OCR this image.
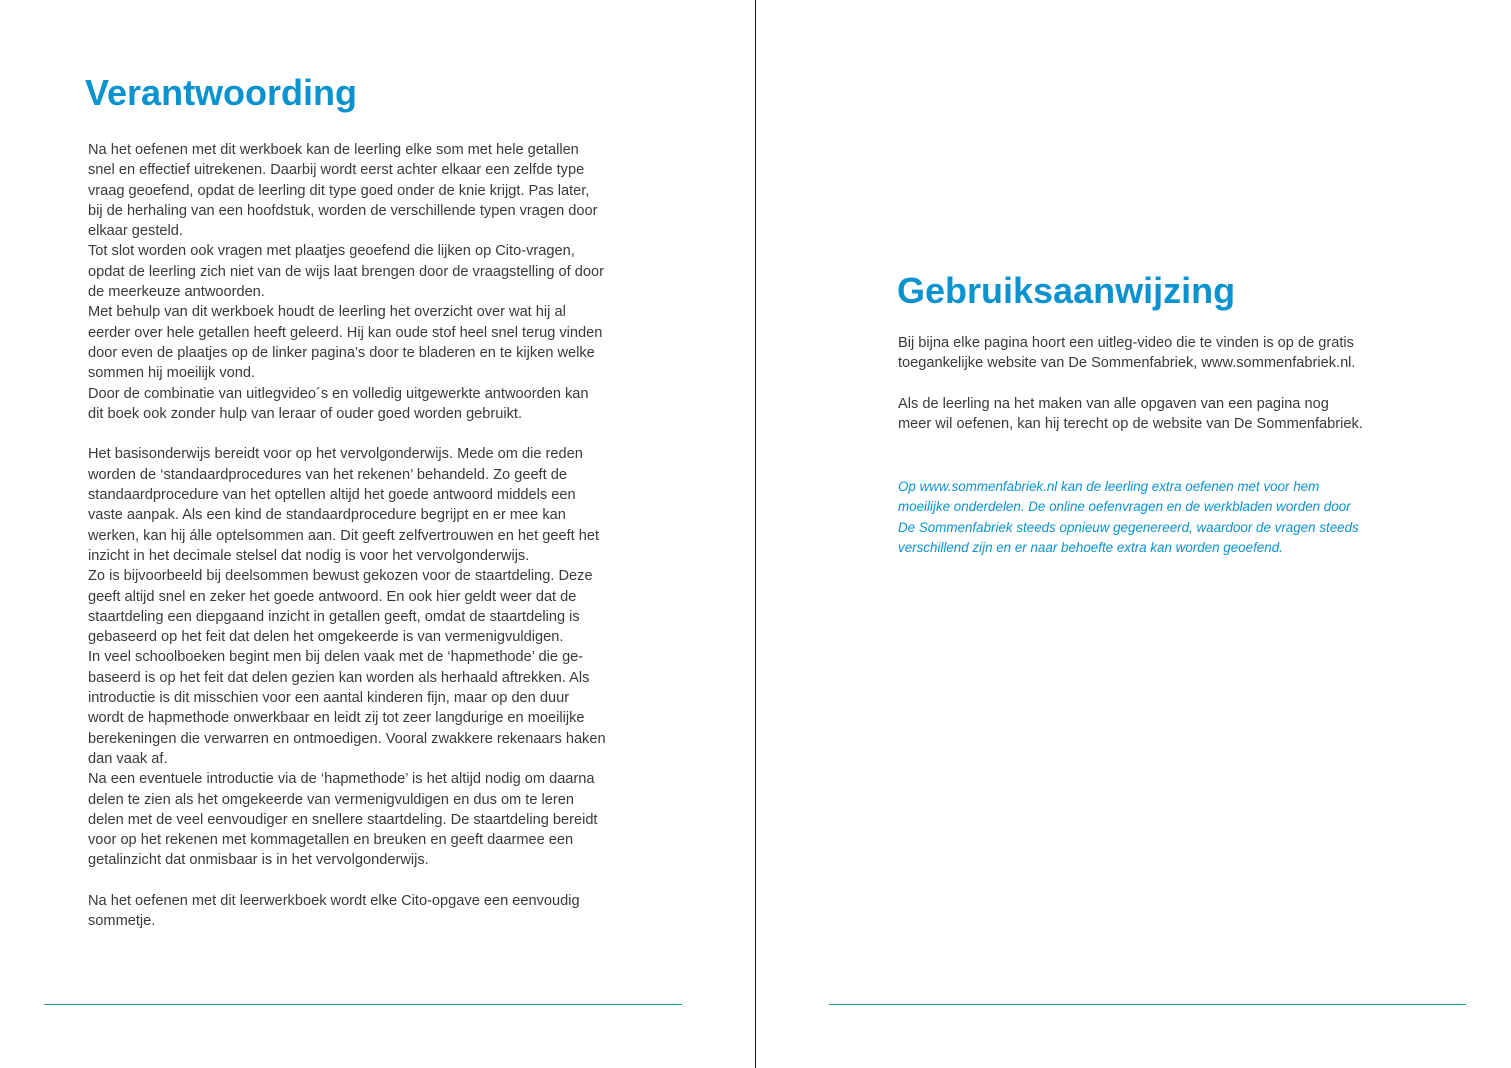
Verantwoording
Na het oefenen met dit werkboek kan de leerling elke som met hele getallen
snel en effectief uitrekenen. Daarbij wordt eerst achter elkaar een zelfde type
vraag geoefend, opdat de leerling dit type goed onder de knie krijgt. Pas later,
bij de herhaling van een hoofdstuk, worden de verschillende typen vragen door
elkaar gesteld.
Tot slot worden ook vragen met plaatjes geoefend die lijken op Cito-vragen,
opdat de leerling zich niet van de wijs laat brengen door de vraagstelling of door
de meerkeuze antwoorden.
Met behulp van dit werkboek houdt de leerling het overzicht over wat hij al
eerder over hele getallen heeft geleerd. Hij kan oude stof heel snel terug vinden
door even de plaatjes op de linker pagina’s door te bladeren en te kijken welke
sommen hij moeilijk vond.
Door de combinatie van uitlegvideo´s en volledig uitgewerkte antwoorden kan
dit boek ook zonder hulp van leraar of ouder goed worden gebruikt.
Het basisonderwijs bereidt voor op het vervolgonderwijs. Mede om die reden
worden de ‘standaardprocedures van het rekenen’ behandeld. Zo geeft de
standaardprocedure van het optellen altijd het goede antwoord middels een
vaste aanpak. Als een kind de standaardprocedure begrijpt en er mee kan
werken, kan hij álle optelsommen aan. Dit geeft zelfvertrouwen en het geeft het
inzicht in het decimale stelsel dat nodig is voor het vervolgonderwijs.
Zo is bijvoorbeeld bij deelsommen bewust gekozen voor de staartdeling. Deze
geeft altijd snel en zeker het goede antwoord. En ook hier geldt weer dat de
staartdeling een diepgaand inzicht in getallen geeft, omdat de staartdeling is
gebaseerd op het feit dat delen het omgekeerde is van vermenigvuldigen.
In veel schoolboeken begint men bij delen vaak met de ‘hapmethode’ die ge-
baseerd is op het feit dat delen gezien kan worden als herhaald aftrekken. Als
introductie is dit misschien voor een aantal kinderen fijn, maar op den duur
wordt de hapmethode onwerkbaar en leidt zij tot zeer langdurige en moeilijke
berekeningen die verwarren en ontmoedigen. Vooral zwakkere rekenaars haken
dan vaak af.
Na een eventuele introductie via de ‘hapmethode’ is het altijd nodig om daarna
delen te zien als het omgekeerde van vermenigvuldigen en dus om te leren
delen met de veel eenvoudiger en snellere staartdeling. De staartdeling bereidt
voor op het rekenen met kommagetallen en breuken en geeft daarmee een
getalinzicht dat onmisbaar is in het vervolgonderwijs.
Na het oefenen met dit leerwerkboek wordt elke Cito-opgave een eenvoudig
sommetje.
Gebruiksaanwijzing
Bij bijna elke pagina hoort een uitleg-video die te vinden is op de gratis
toegankelijke website van De Sommenfabriek, www.sommenfabriek.nl.
Als de leerling na het maken van alle opgaven van een pagina nog
meer wil oefenen, kan hij terecht op de website van De Sommenfabriek.
Op www.sommenfabriek.nl kan de leerling extra oefenen met voor hem
moeilijke onderdelen. De online oefenvragen en de werkbladen worden door
De Sommenfabriek steeds opnieuw gegenereerd, waardoor de vragen steeds
verschillend zijn en er naar behoefte extra kan worden geoefend.
